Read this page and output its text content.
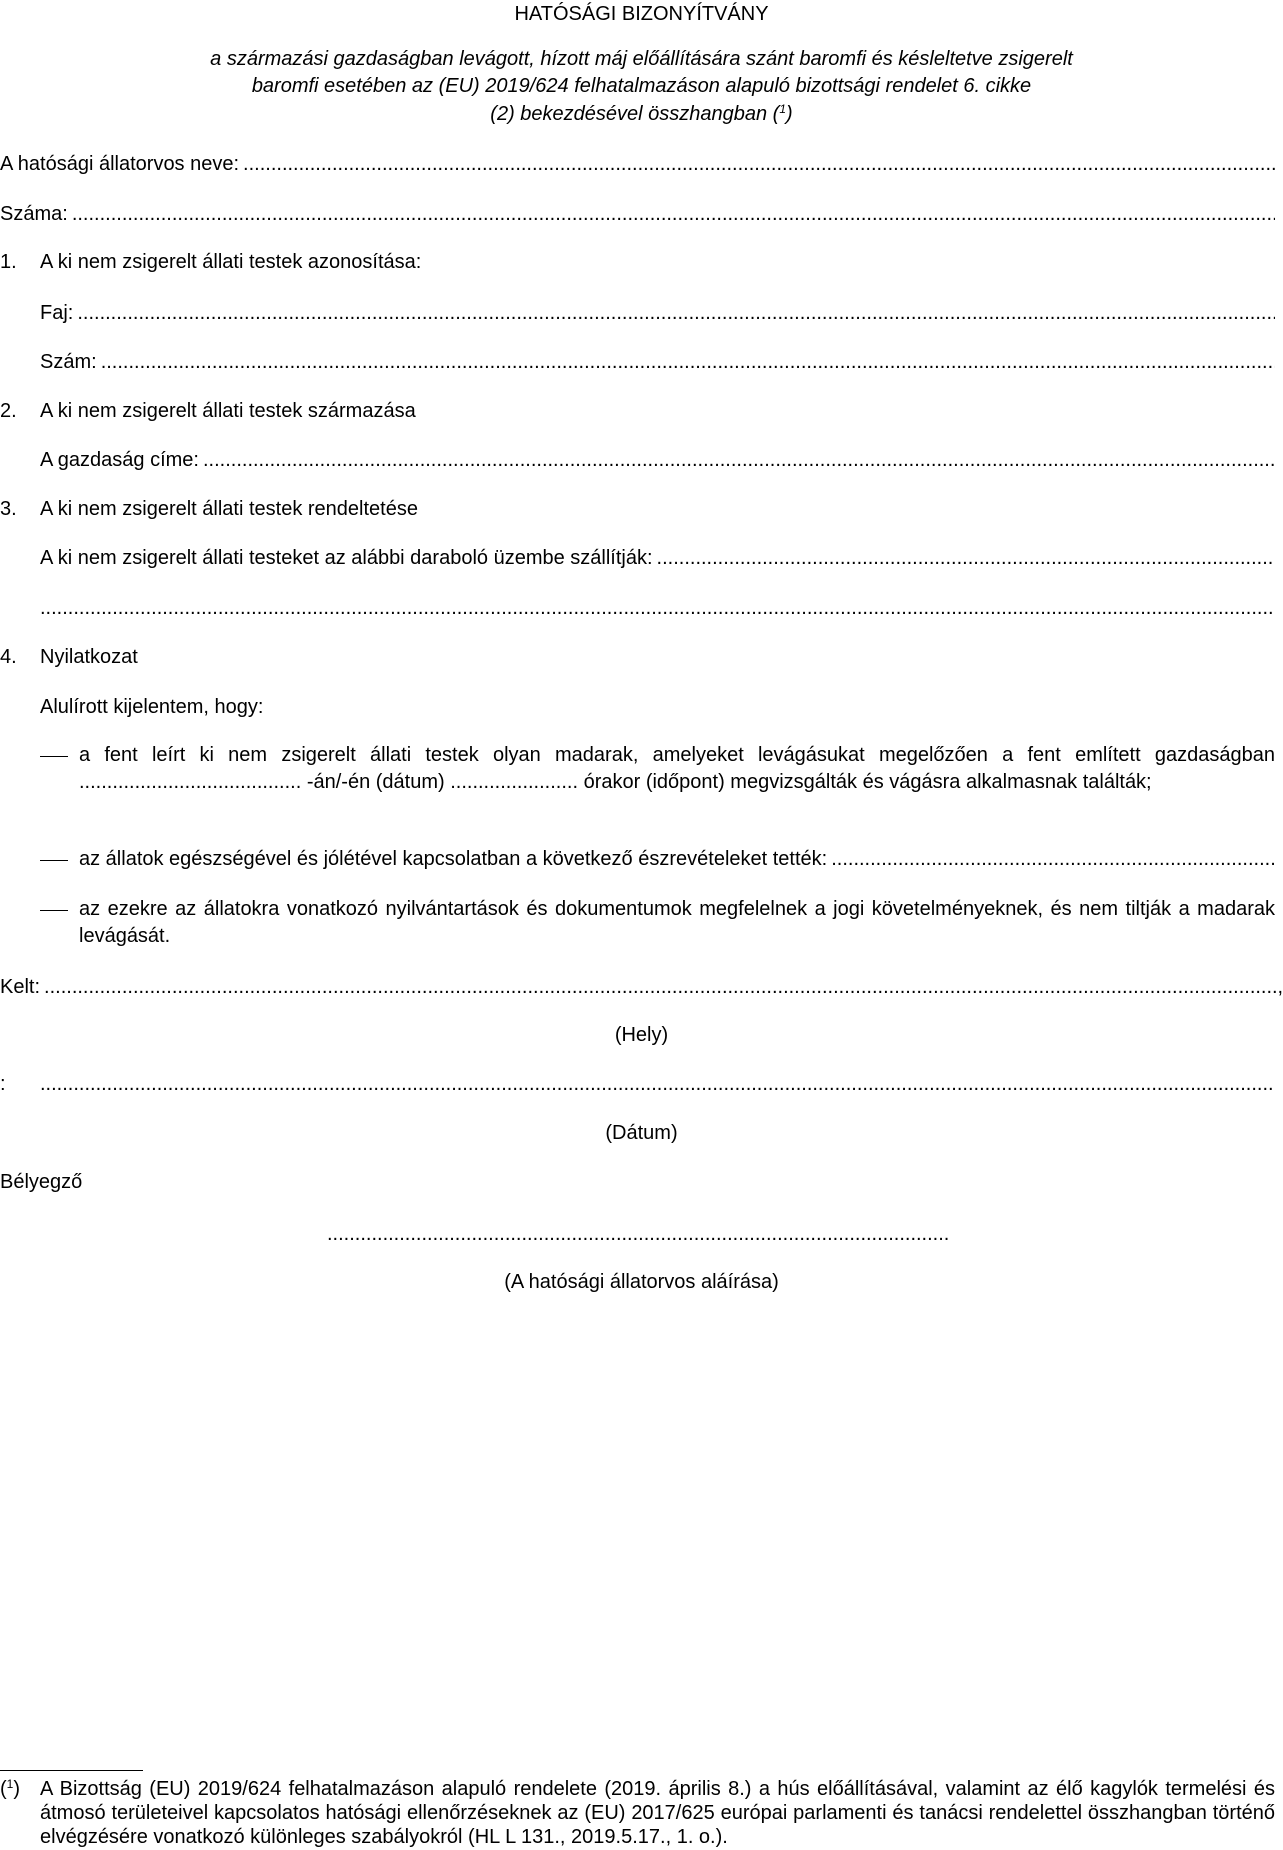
HATÓSÁGI BIZONYÍTVÁNY
a származási gazdaságban levágott, hízott máj előállítására szánt baromfi és késleltetve zsigerelt
baromfi esetében az (EU) 2019/624 felhatalmazáson alapuló bizottsági rendelet 6. cikke
(2) bekezdésével összhangban ($^1$)
A hatósági állatorvos neve:
.....
Száma:
.....
1. A ki nem zsigerelt állati testek azonosítása:
Faj:
.....
Szám:
.....
2. A ki nem zsigerelt állati testek származása
A gazdaság címe:
.....
3. A ki nem zsigerelt állati testek rendeltetése
A ki nem zsigerelt állati testeket az alábbi daraboló üzembe szállítják:
.....
.....
4. Nyilatkozat
Alulírott kijelentem, hogy:
a fent leírt ki nem zsigerelt állati testek olyan madarak, amelyeket levágásukat megelőzően a fent említett gazdaságban ........................................ -án/-én (dátum) ....................... órakor (időpont) megvizsgálták és vágásra alkalmasnak találták;
az állatok egészségével és jólétével kapcsolatban a következő észrevételeket tették:
.....
az ezekre az állatokra vonatkozó nyilvántartások és dokumentumok megfelelnek a jogi követelményeknek, és nem tiltják a madarak levágását.
Kelt: .....	,
(Hely)
:
.....
(Dátum)
Bélyegző
.....
(A hatósági állatorvos aláírása)
($^1$) A Bizottság (EU) 2019/624 felhatalmazáson alapuló rendelete (2019. április 8.) a hús előállításával, valamint az élő kagylók termelési és átmosó területeivel kapcsolatos hatósági ellenőrzéseknek az (EU) 2017/625 európai parlamenti és tanácsi rendelettel összhangban történő elvégzésére vonatkozó különleges szabályokról (HL L 131., 2019.5.17., 1. o.).
